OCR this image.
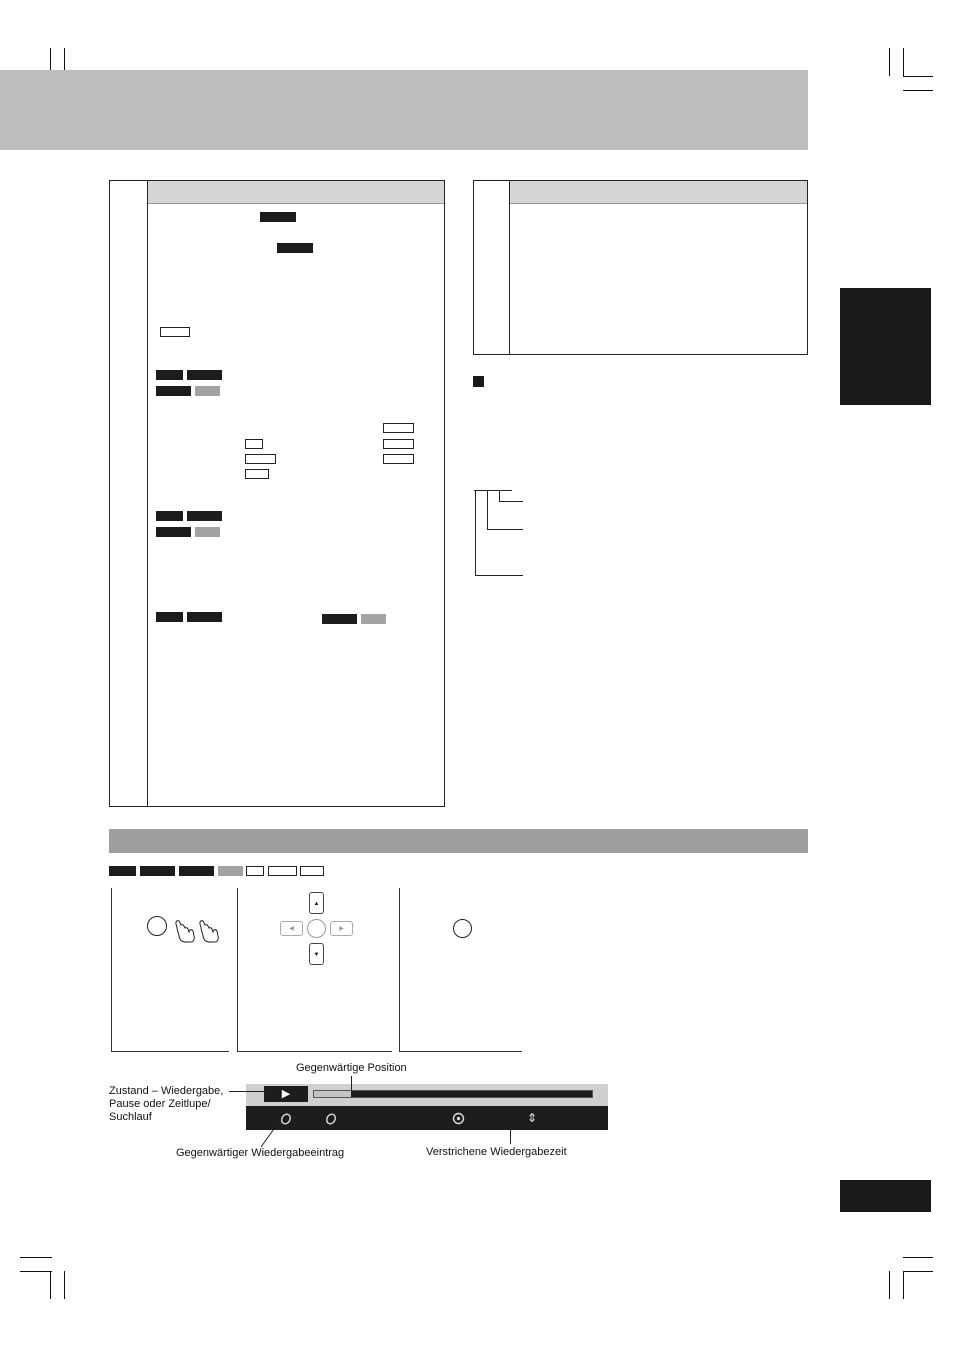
▲
▼
◀	▶
▶
⇕
Gegenwärtige Position
Zustand – Wiedergabe,
Pause oder Zeitlupe/
Suchlauf
Gegenwärtiger Wiedergabeeintrag	Verstrichene Wiedergabezeit
